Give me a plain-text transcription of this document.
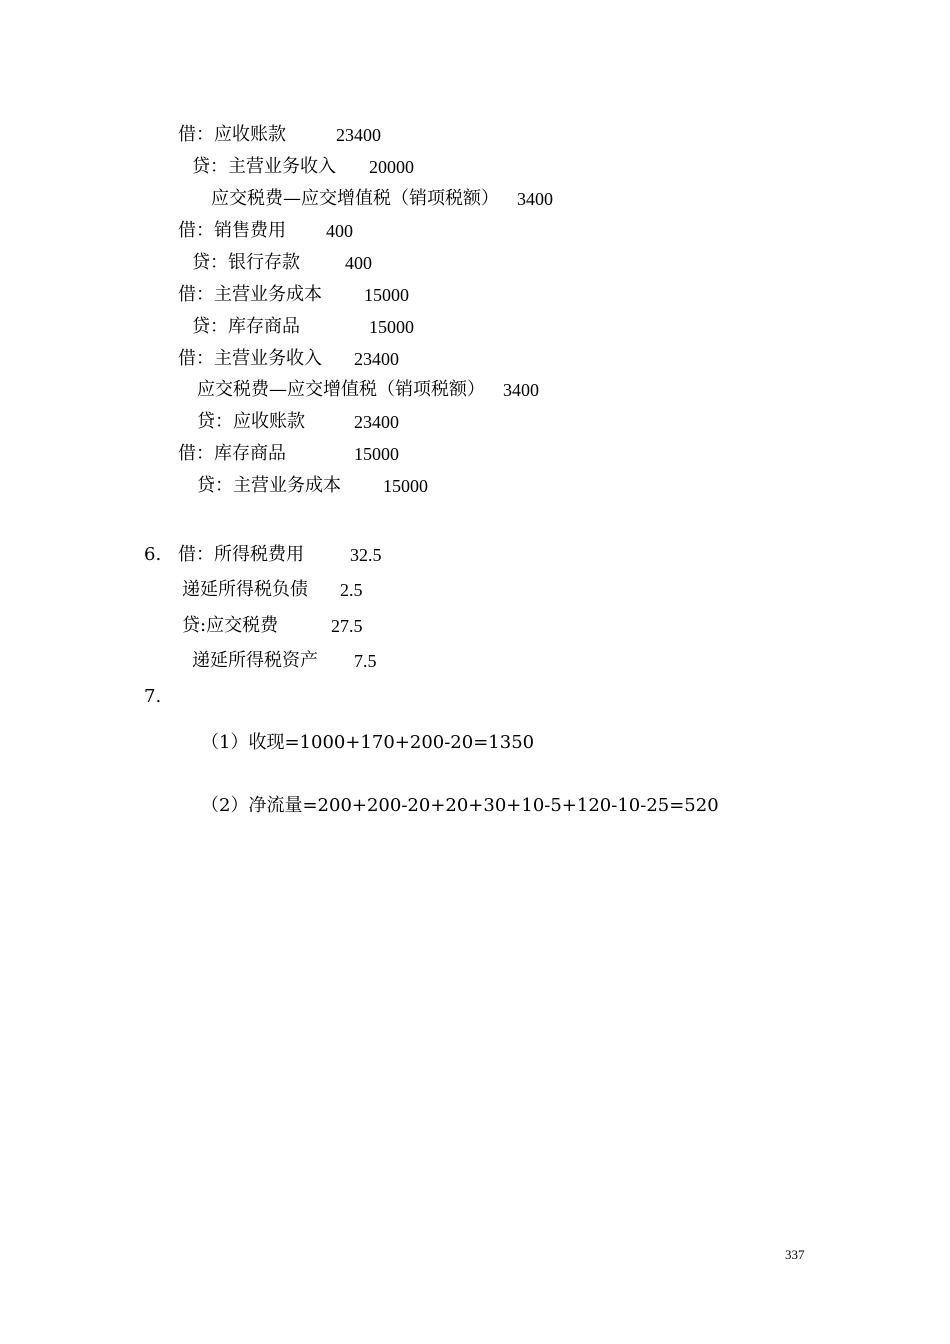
借：应收账款	23400
贷：主营业务收入 20000
应交税费—应交增值税（销项税额） 3400
借：销售费用 400
贷：银行存款	400
借：主营业务成本 15000
贷：库存商品	15000
借：主营业务收入 23400
应交税费—应交增值税（销项税额） 3400
贷：应收账款	23400
借：库存商品	15000
贷：主营业务成本 15000
6. 借：所得税费用	32.5
递延所得税负债 2.5
贷:应交税费	27.5
递延所得税资产 7.5
7.
（1）收现=1000+170+200-20=1350
（2）净流量=200+200-20+20+30+10-5+120-10-25=520
337
